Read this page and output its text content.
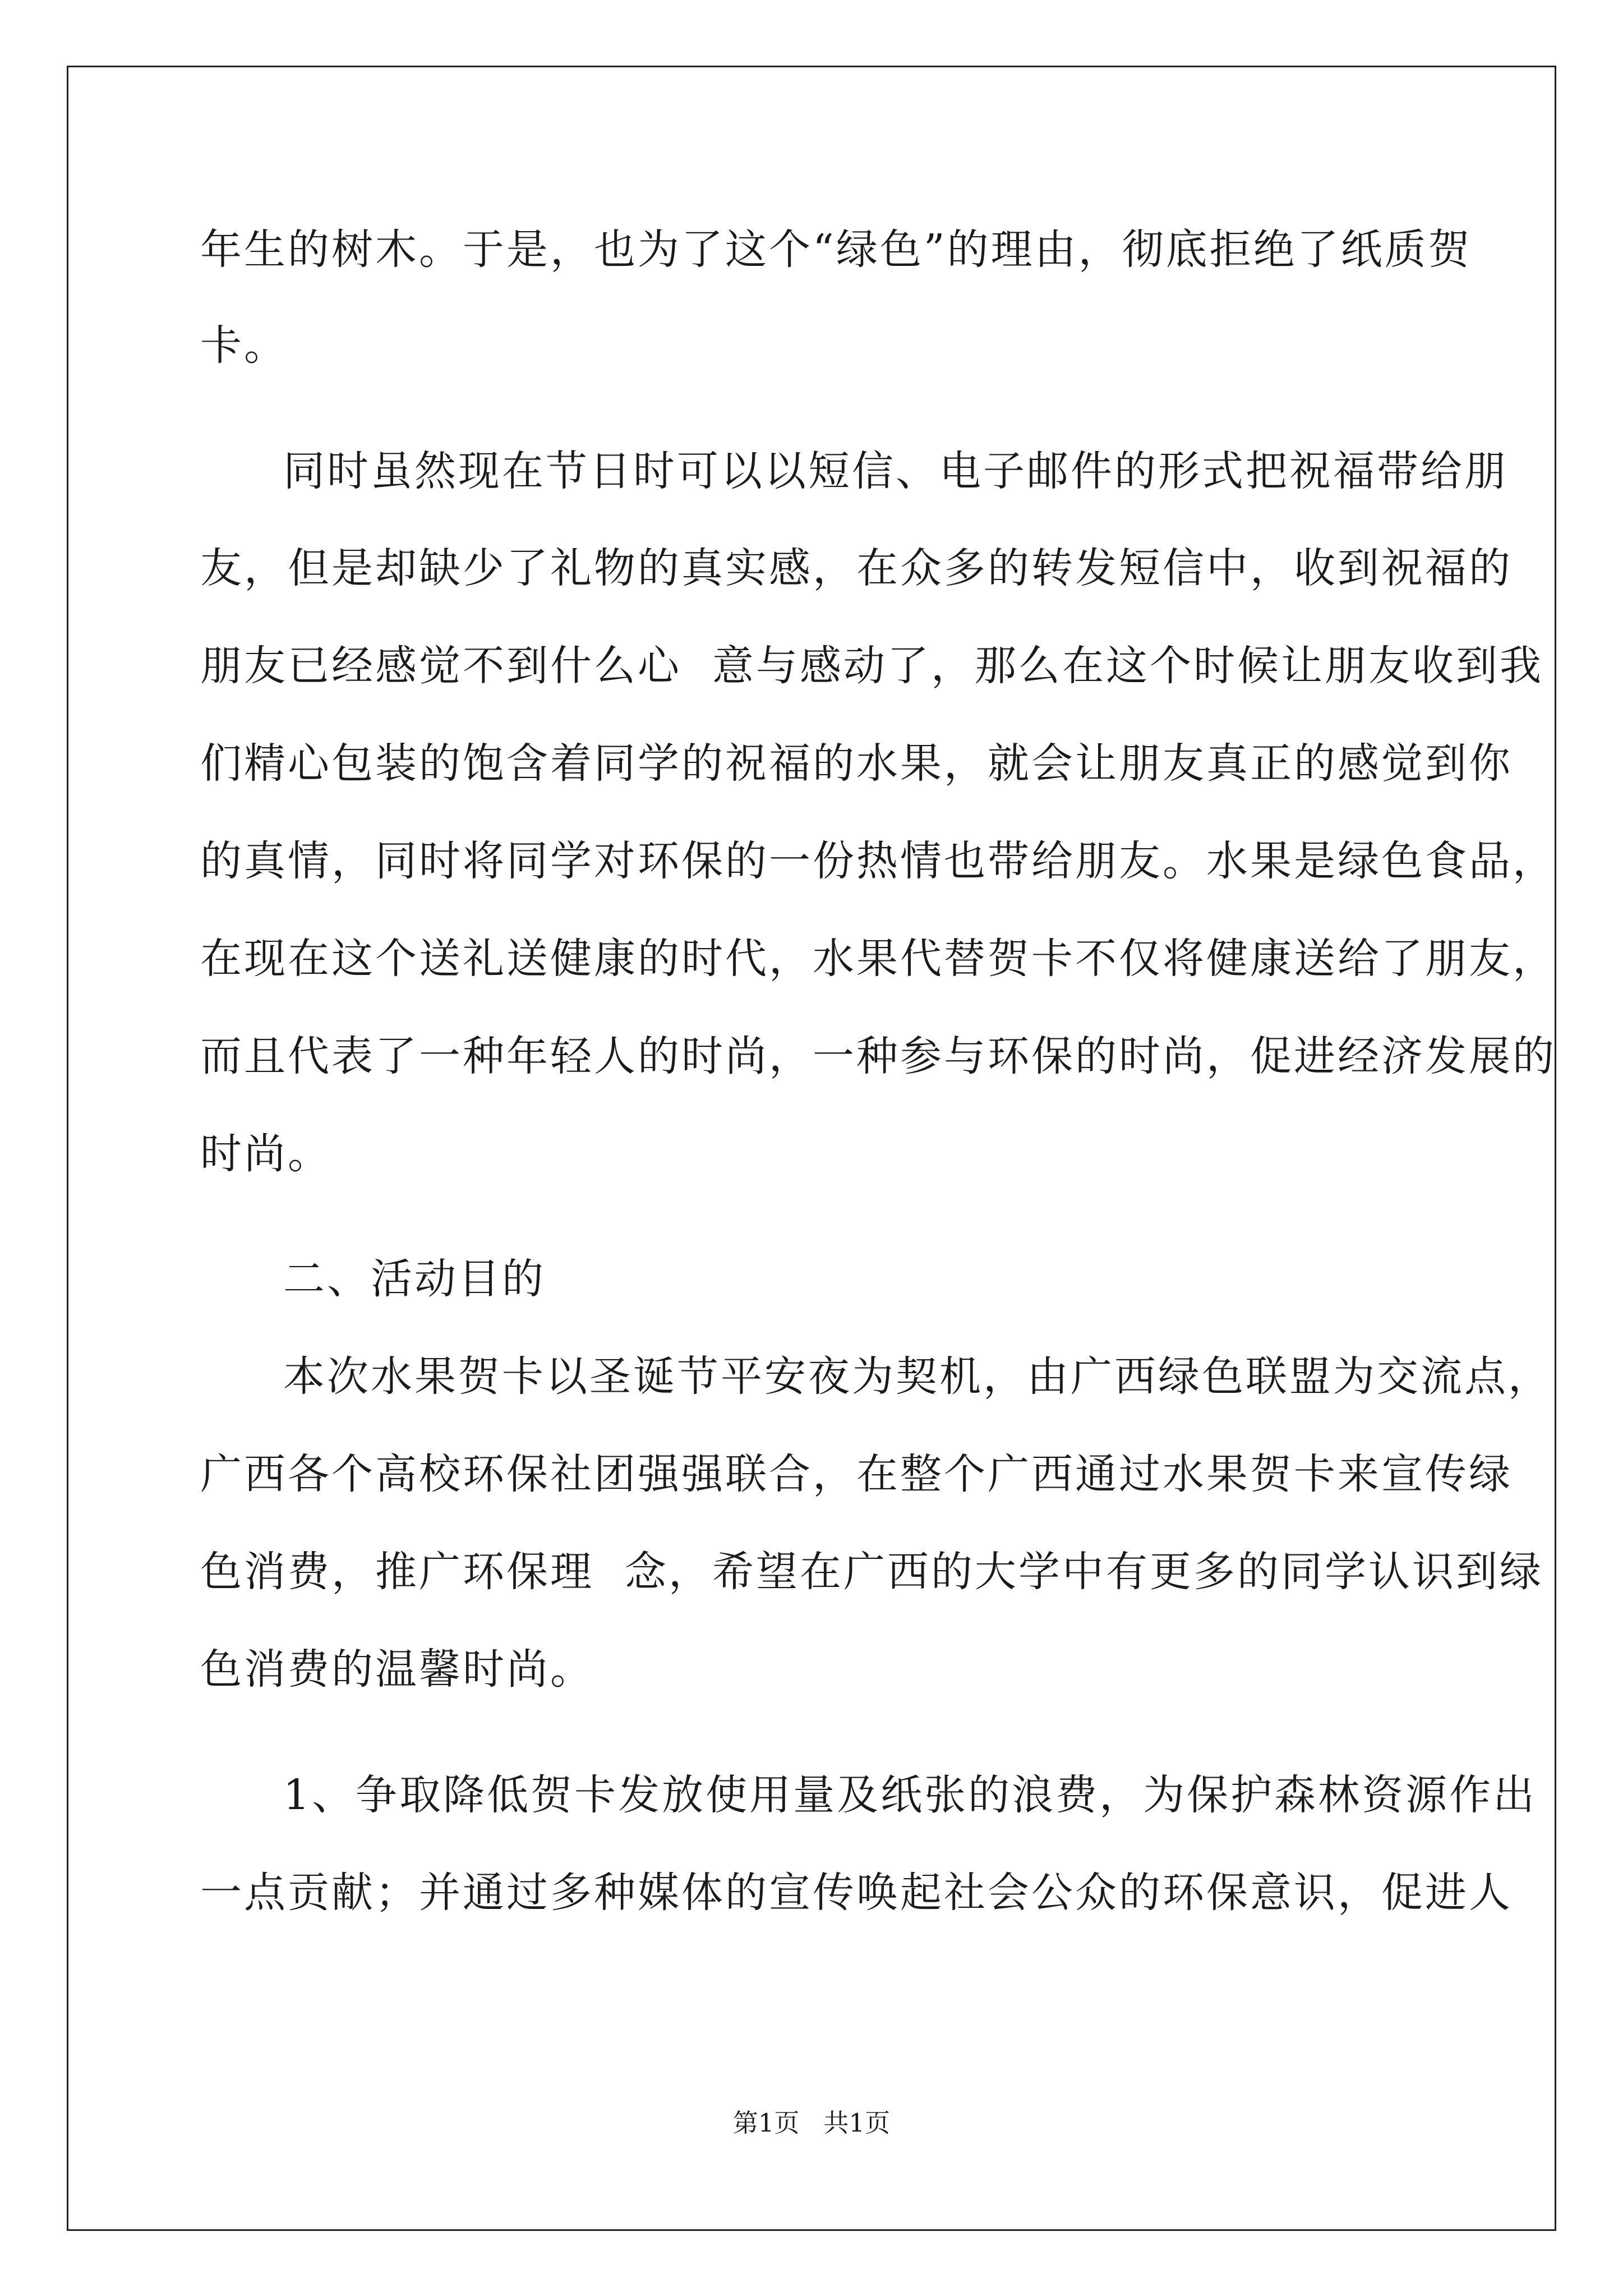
年生的树木。于是，也为了这个“绿色”的理由，彻底拒绝了纸质贺
卡。
同时虽然现在节日时可以以短信、电子邮件的形式把祝福带给朋
友，但是却缺少了礼物的真实感，在众多的转发短信中，收到祝福的
朋友已经感觉不到什么心  意与感动了，那么在这个时候让朋友收到我
们精心包装的饱含着同学的祝福的水果，就会让朋友真正的感觉到你
的真情，同时将同学对环保的一份热情也带给朋友。水果是绿色食品，
在现在这个送礼送健康的时代，水果代替贺卡不仅将健康送给了朋友，
而且代表了一种年轻人的时尚，一种参与环保的时尚，促进经济发展的
时尚。
二、活动目的
本次水果贺卡以圣诞节平安夜为契机，由广西绿色联盟为交流点，
广西各个高校环保社团强强联合，在整个广西通过水果贺卡来宣传绿
色消费，推广环保理  念，希望在广西的大学中有更多的同学认识到绿
色消费的温馨时尚。
1、争取降低贺卡发放使用量及纸张的浪费，为保护森林资源作出
一点贡献；并通过多种媒体的宣传唤起社会公众的环保意识，促进人
第1页   共1页
